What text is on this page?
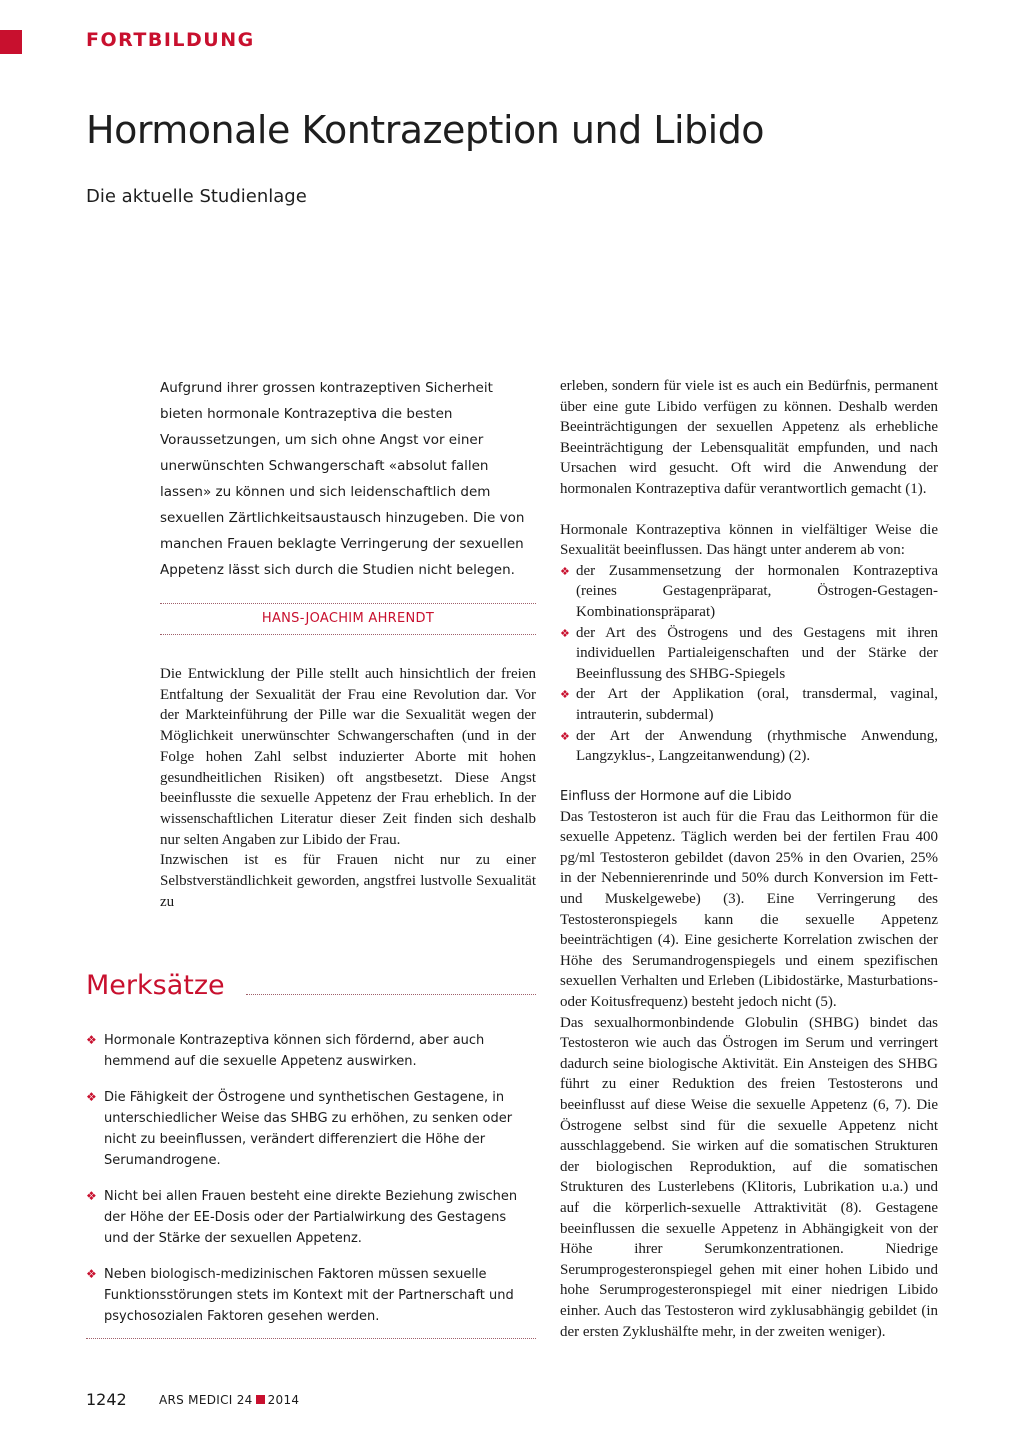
FORTBILDUNG
Hormonale Kontrazeption und Libido
Die aktuelle Studienlage
Aufgrund ihrer grossen kontrazeptiven Sicherheit bieten hormonale Kontrazeptiva die besten Voraussetzungen, um sich ohne Angst vor einer unerwünschten Schwangerschaft «absolut fallen lassen» zu können und sich leidenschaftlich dem sexuellen Zärtlichkeitsaustausch hinzugeben. Die von manchen Frauen beklagte Verringerung der sexuellen Appetenz lässt sich durch die Studien nicht belegen.
HANS-JOACHIM AHRENDT

Die Entwicklung der Pille stellt auch hinsichtlich der freien Entfaltung der Sexualität der Frau eine Revolution dar. Vor der Markteinführung der Pille war die Sexualität wegen der Möglichkeit unerwünschter Schwangerschaften (und in der Folge hohen Zahl selbst induzierter Aborte mit hohen gesundheitlichen Risiken) oft angstbesetzt. Diese Angst beeinflusste die sexuelle Appetenz der Frau erheblich. In der wissenschaftlichen Literatur dieser Zeit finden sich deshalb nur selten Angaben zur Libido der Frau.

Inzwischen ist es für Frauen nicht nur zu einer Selbstverständlichkeit geworden, angstfrei lustvolle Sexualität zu

Merksätze
❖ Hormonale Kontrazeptiva können sich fördernd, aber auch hemmend auf die sexuelle Appetenz auswirken.
❖ Die Fähigkeit der Östrogene und synthetischen Gestagene, in unterschiedlicher Weise das SHBG zu erhöhen, zu senken oder nicht zu beeinflussen, verändert differenziert die Höhe der Serumandrogene.
❖ Nicht bei allen Frauen besteht eine direkte Beziehung zwischen der Höhe der EE-Dosis oder der Partialwirkung des Gestagens und der Stärke der sexuellen Appetenz.
❖ Neben biologisch-medizinischen Faktoren müssen sexuelle Funktionsstörungen stets im Kontext mit der Partnerschaft und psychosozialen Faktoren gesehen werden.

erleben, sondern für viele ist es auch ein Bedürfnis, permanent über eine gute Libido verfügen zu können. Deshalb werden Beeinträchtigungen der sexuellen Appetenz als erhebliche Beeinträchtigung der Lebensqualität empfunden, und nach Ursachen wird gesucht. Oft wird die Anwendung der hormonalen Kontrazeptiva dafür verantwortlich gemacht (1).

Hormonale Kontrazeptiva können in vielfältiger Weise die Sexualität beeinflussen. Das hängt unter anderem ab von:

❖ der Zusammensetzung der hormonalen Kontrazeptiva (reines Gestagenpräparat, Östrogen-Gestagen-Kombinationspräparat)
❖ der Art des Östrogens und des Gestagens mit ihren individuellen Partialeigenschaften und der Stärke der Beeinflussung des SHBG-Spiegels
❖ der Art der Applikation (oral, transdermal, vaginal, intrauterin, subdermal)
❖ der Art der Anwendung (rhythmische Anwendung, Langzyklus-, Langzeitanwendung) (2).
Einfluss der Hormone auf die Libido

Das Testosteron ist auch für die Frau das Leithormon für die sexuelle Appetenz. Täglich werden bei der fertilen Frau 400 pg/ml Testosteron gebildet (davon 25% in den Ovarien, 25% in der Nebennierenrinde und 50% durch Konversion im Fett- und Muskelgewebe) (3). Eine Verringerung des Testosteronspiegels kann die sexuelle Appetenz beeinträchtigen (4). Eine gesicherte Korrelation zwischen der Höhe des Serumandrogenspiegels und einem spezifischen sexuellen Verhalten und Erleben (Libidostärke, Masturbations- oder Koitusfrequenz) besteht jedoch nicht (5).

Das sexualhormonbindende Globulin (SHBG) bindet das Testosteron wie auch das Östrogen im Serum und verringert dadurch seine biologische Aktivität. Ein Ansteigen des SHBG führt zu einer Reduktion des freien Testosterons und beeinflusst auf diese Weise die sexuelle Appetenz (6, 7). Die Östrogene selbst sind für die sexuelle Appetenz nicht ausschlaggebend. Sie wirken auf die somatischen Strukturen der biologischen Reproduktion, auf die somatischen Strukturen des Lusterlebens (Klitoris, Lubrikation u.a.) und auf die körperlich-sexuelle Attraktivität (8). Gestagene beeinflussen die sexuelle Appetenz in Abhängigkeit von der Höhe ihrer Serumkonzentrationen. Niedrige Serumprogesteronspiegel gehen mit einer hohen Libido und hohe Serumprogesteronspiegel mit einer niedrigen Libido einher. Auch das Testosteron wird zyklusabhängig gebildet (in der ersten Zyklushälfte mehr, in der zweiten weniger).

1242	ARS MEDICI 24 2014
